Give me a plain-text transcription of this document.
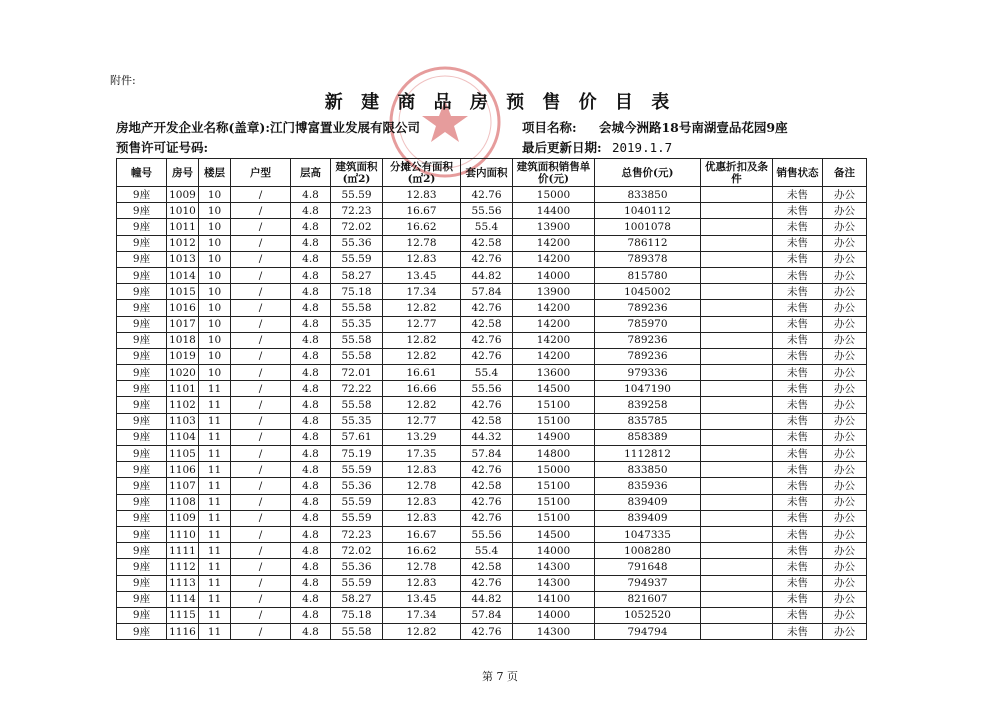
附件:
新 建 商 品 房 预 售 价 目 表
房地产开发企业名称(盖章):江门博富置业发展有限公司	项目名称: 会城今洲路18号南湖壹品花园9座
预售许可证号码:	最后更新日期: 2019.1.7
幢号	房号	楼层	户型	层高	建筑面积(㎡2)	分摊公有面积(㎡2)	套内面积	建筑面积销售单价(元)	总售价(元)	优惠折扣及条件	销售状态	备注
9座	1009	10	/	4.8	55.59	12.83	42.76	15000	833850		未售	办公
9座	1010	10	/	4.8	72.23	16.67	55.56	14400	1040112		未售	办公
9座	1011	10	/	4.8	72.02	16.62	55.4	13900	1001078		未售	办公
9座	1012	10	/	4.8	55.36	12.78	42.58	14200	786112		未售	办公
9座	1013	10	/	4.8	55.59	12.83	42.76	14200	789378		未售	办公
9座	1014	10	/	4.8	58.27	13.45	44.82	14000	815780		未售	办公
9座	1015	10	/	4.8	75.18	17.34	57.84	13900	1045002		未售	办公
9座	1016	10	/	4.8	55.58	12.82	42.76	14200	789236		未售	办公
9座	1017	10	/	4.8	55.35	12.77	42.58	14200	785970		未售	办公
9座	1018	10	/	4.8	55.58	12.82	42.76	14200	789236		未售	办公
9座	1019	10	/	4.8	55.58	12.82	42.76	14200	789236		未售	办公
9座	1020	10	/	4.8	72.01	16.61	55.4	13600	979336		未售	办公
9座	1101	11	/	4.8	72.22	16.66	55.56	14500	1047190		未售	办公
9座	1102	11	/	4.8	55.58	12.82	42.76	15100	839258		未售	办公
9座	1103	11	/	4.8	55.35	12.77	42.58	15100	835785		未售	办公
9座	1104	11	/	4.8	57.61	13.29	44.32	14900	858389		未售	办公
9座	1105	11	/	4.8	75.19	17.35	57.84	14800	1112812		未售	办公
9座	1106	11	/	4.8	55.59	12.83	42.76	15000	833850		未售	办公
9座	1107	11	/	4.8	55.36	12.78	42.58	15100	835936		未售	办公
9座	1108	11	/	4.8	55.59	12.83	42.76	15100	839409		未售	办公
9座	1109	11	/	4.8	55.59	12.83	42.76	15100	839409		未售	办公
9座	1110	11	/	4.8	72.23	16.67	55.56	14500	1047335		未售	办公
9座	1111	11	/	4.8	72.02	16.62	55.4	14000	1008280		未售	办公
9座	1112	11	/	4.8	55.36	12.78	42.58	14300	791648		未售	办公
9座	1113	11	/	4.8	55.59	12.83	42.76	14300	794937		未售	办公
9座	1114	11	/	4.8	58.27	13.45	44.82	14100	821607		未售	办公
9座	1115	11	/	4.8	75.18	17.34	57.84	14000	1052520		未售	办公
9座	1116	11	/	4.8	55.58	12.82	42.76	14300	794794		未售	办公
第 7 页
